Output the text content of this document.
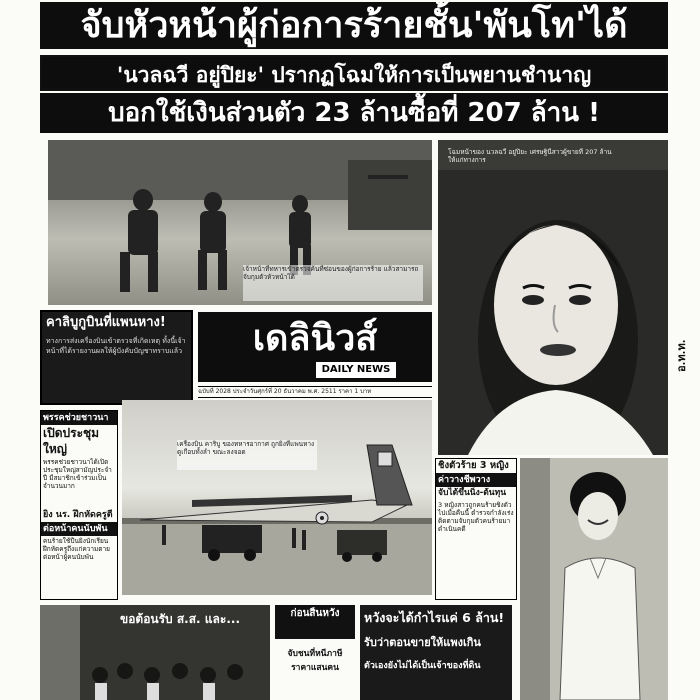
จับหัวหน้าผู้ก่อการร้ายชั้น'พันโท'ได้
'นวลฉวี อยู่ปิยะ' ปรากฏโฉมให้การเป็นพยานชำนาญ
บอกใช้เงินส่วนตัว 23 ล้านซื้อที่ 207 ล้าน !
เจ้าหน้าที่ทหารเข้าตรวจค้นที่ซ่อนของผู้ก่อการร้าย แล้วสามารถจับกุมตัวหัวหน้าได้
โฉมหน้าของ นวลฉวี อยู่ปิยะ เศรษฐินีสาวผู้ขายที่ 207 ล้านให้แก่ทางการ
อ.ท.ท.
คาลิบูกูบินที่แพนหาง!
ทางการส่งเครื่องบินเข้าตรวจที่เกิดเหตุ ทั้งนี้เจ้าหน้าที่ได้รายงานผลให้ผู้บังคับบัญชาทราบแล้ว	เดลินิวส์
DAILY NEWS
ฉบับที่ 2028 ประจำวันศุกร์ที่ 20 ธันวาคม พ.ศ. 2511 ราคา 1 บาท
พรรคช่วยชาวนา
เปิดประชุมใหญ่
พรรคช่วยชาวนาได้เปิดประชุมใหญ่สามัญประจำปี มีสมาชิกเข้าร่วมเป็นจำนวนมาก
ยิง นร. ฝึกหัดครูตี
ต่อหน้าคนนับพัน
คนร้ายใช้ปืนยิงนักเรียนฝึกหัดครูถึงแก่ความตายต่อหน้าผู้คนนับพัน
เครื่องบิน คาริบู ของทหารอากาศ ถูกยิงที่แพนหาง ดูเกือบทั้งลำ ขณะลงจอด
ชิงตัวร้าย 3 หญิง
ค่าวางชีพวาง
จับได้ขึ้นนิ่ง-ต้นทุน
3 หญิงสาวถูกคนร้ายชิงตัวไปเมื่อคืนนี้ ตำรวจกำลังเร่งติดตามจับกุมตัวคนร้ายมาดำเนินคดี
ขอต้อนรับ ส.ส. และ...	ก่อนสิ้นหวัง
จับชนที่หนีภาษี
ราคาแสนคน
หวังจะได้กำไรแค่ 6 ล้าน!
รับว่าตอนขายให้แพงเกิน
ตัวเองยังไม่ได้เป็นเจ้าของที่ดิน
